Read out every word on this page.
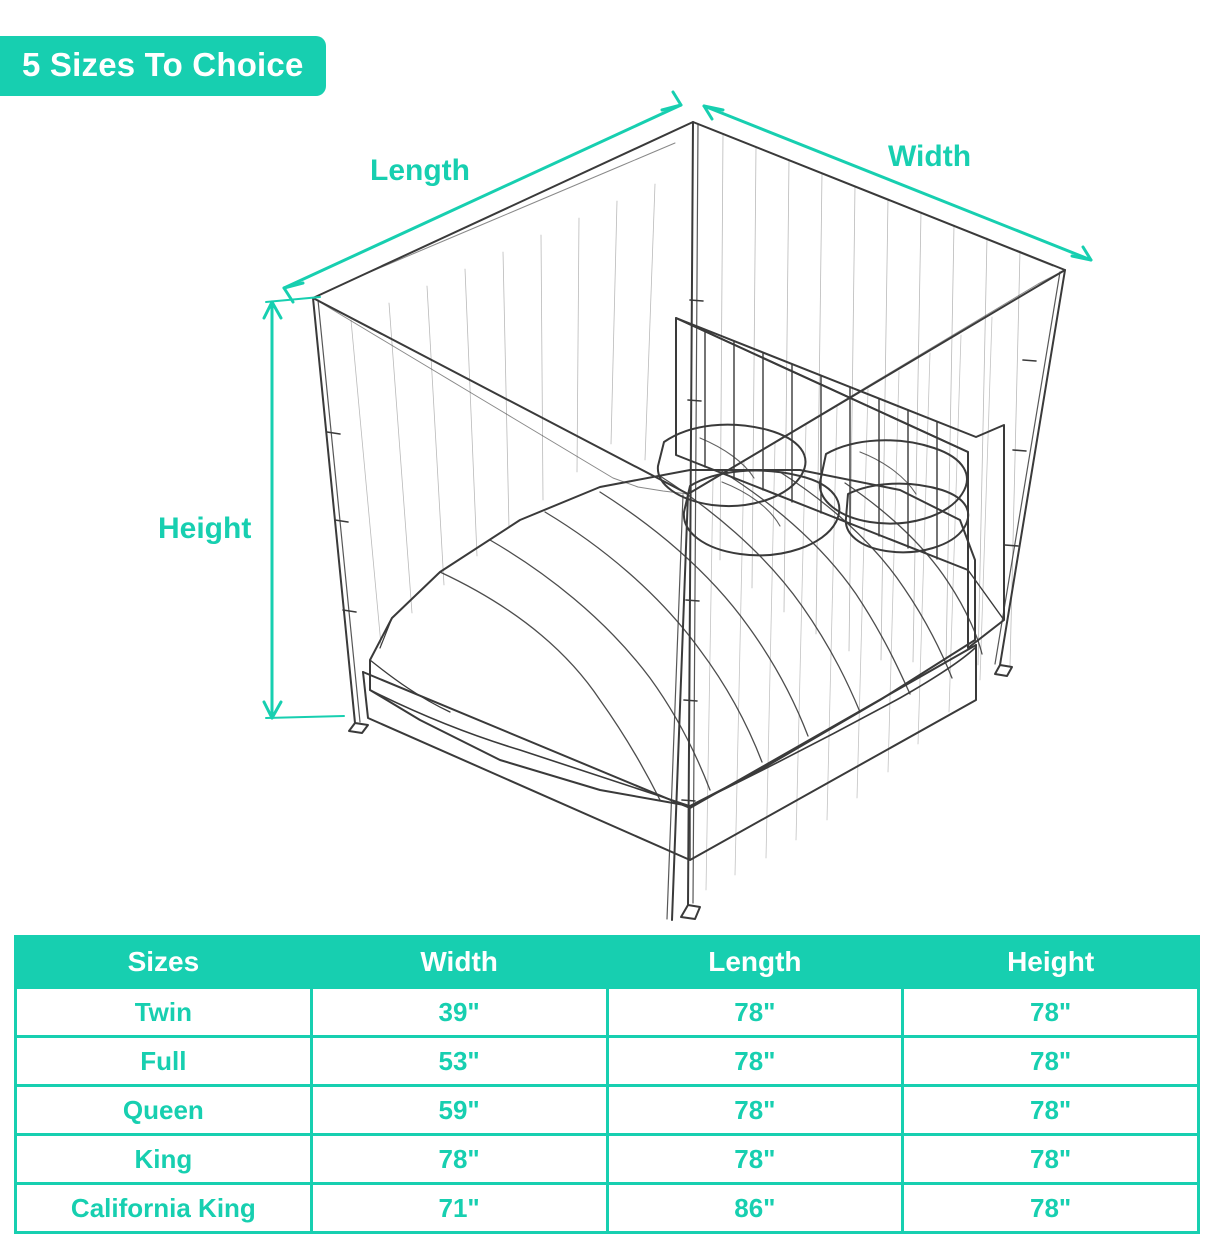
5 Sizes To Choice
Length	Width
Height
Sizes	Width	Length	Height
Twin	39"	78"	78"
Full	53"	78"	78"
Queen	59"	78"	78"
King	78"	78"	78"
California King	71"	86"	78"
